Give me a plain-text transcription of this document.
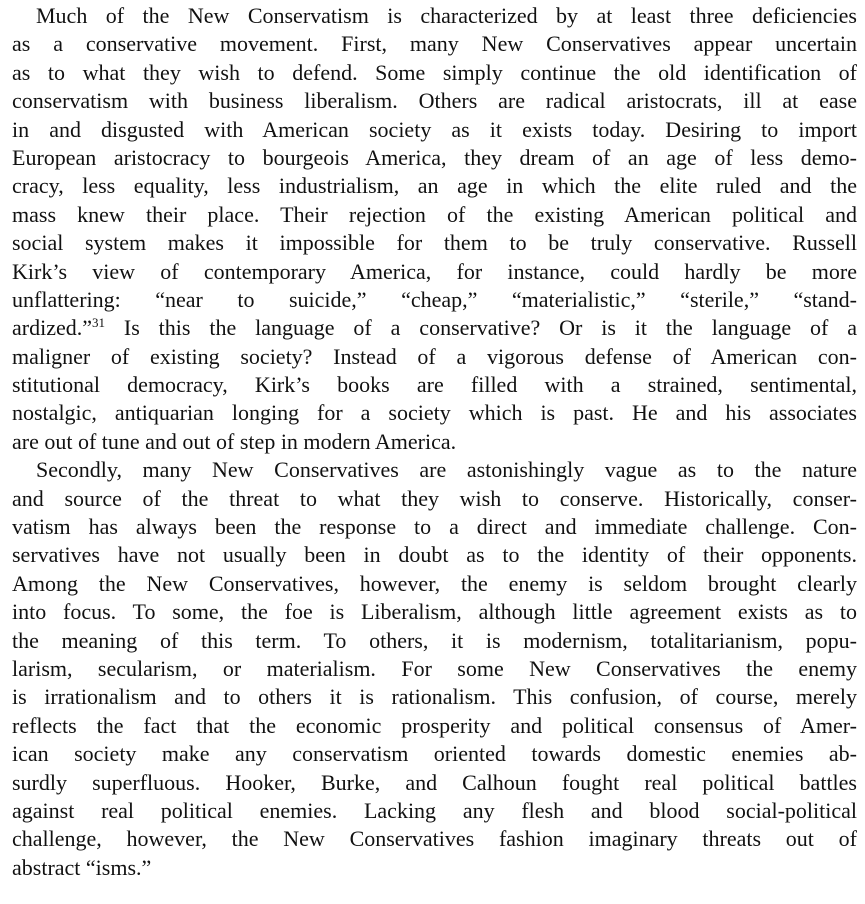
Much of the New Conservatism is characterized by at least three deficiencies
as a conservative movement. First, many New Conservatives appear uncertain
as to what they wish to defend. Some simply continue the old identification of
conservatism with business liberalism. Others are radical aristocrats, ill at ease
in and disgusted with American society as it exists today. Desiring to import
European aristocracy to bourgeois America, they dream of an age of less demo-
cracy, less equality, less industrialism, an age in which the elite ruled and the
mass knew their place. Their rejection of the existing American political and
social system makes it impossible for them to be truly conservative. Russell
Kirk’s view of contemporary America, for instance, could hardly be more
unflattering: “near to suicide,” “cheap,” “materialistic,” “sterile,” “stand-
ardized.”$^{31}$ Is this the language of a conservative? Or is it the language of a
maligner of existing society? Instead of a vigorous defense of American con-
stitutional democracy, Kirk’s books are filled with a strained, sentimental,
nostalgic, antiquarian longing for a society which is past. He and his associates
are out of tune and out of step in modern America.
Secondly, many New Conservatives are astonishingly vague as to the nature
and source of the threat to what they wish to conserve. Historically, conser-
vatism has always been the response to a direct and immediate challenge. Con-
servatives have not usually been in doubt as to the identity of their opponents.
Among the New Conservatives, however, the enemy is seldom brought clearly
into focus. To some, the foe is Liberalism, although little agreement exists as to
the meaning of this term. To others, it is modernism, totalitarianism, popu-
larism, secularism, or materialism. For some New Conservatives the enemy
is irrationalism and to others it is rationalism. This confusion, of course, merely
reflects the fact that the economic prosperity and political consensus of Amer-
ican society make any conservatism oriented towards domestic enemies ab-
surdly superfluous. Hooker, Burke, and Calhoun fought real political battles
against real political enemies. Lacking any flesh and blood social-political
challenge, however, the New Conservatives fashion imaginary threats out of
abstract “isms.”
